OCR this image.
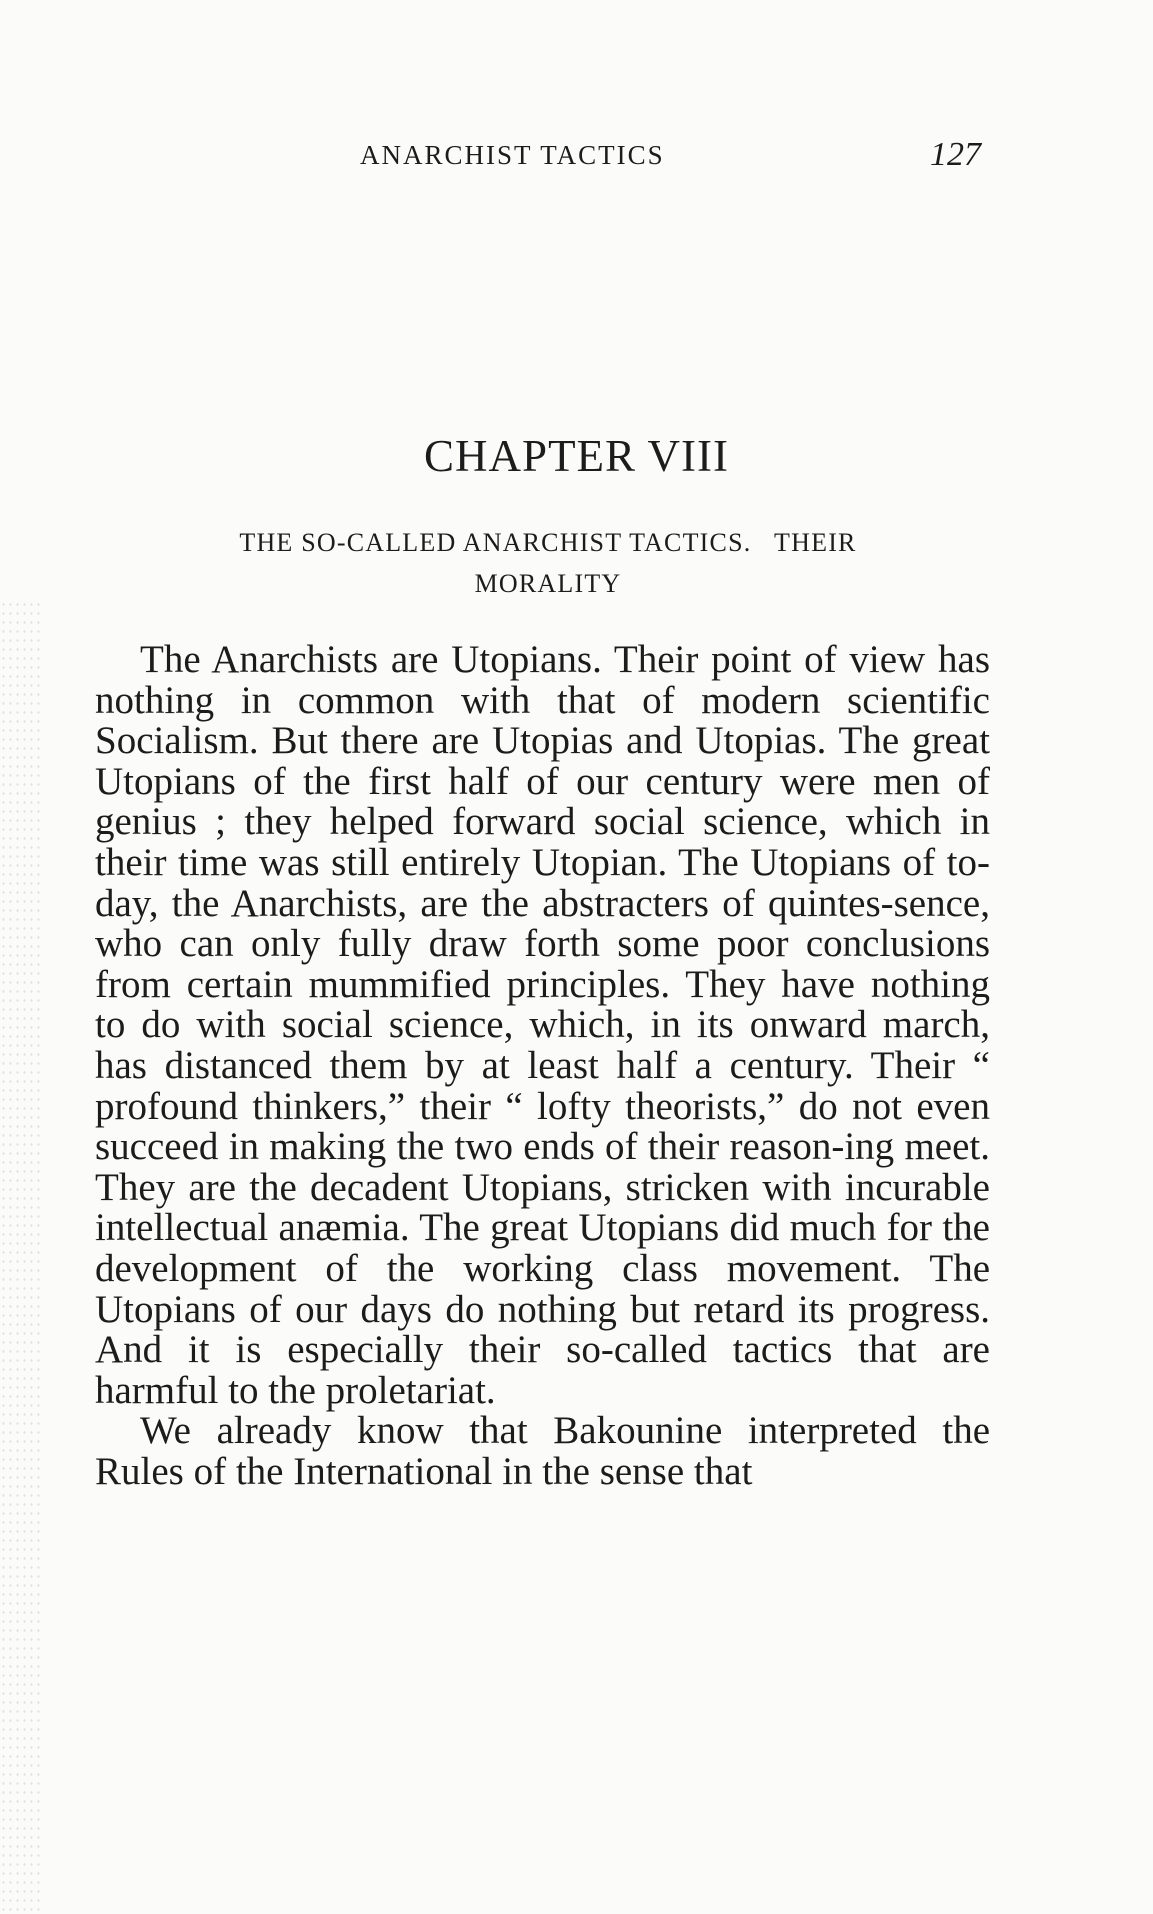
ANARCHIST TACTICS	127
CHAPTER VIII
THE SO-CALLED ANARCHIST TACTICS.   THEIR
MORALITY

The Anarchists are Utopians. Their point of view has nothing in common with that of modern scientific Socialism. But there are Utopias and Utopias. The great Utopians of the first half of our century were men of genius ; they helped forward social science, which in their time was still entirely Utopian. The Utopians of to-day, the Anarchists, are the abstracters of quintes-sence, who can only fully draw forth some poor conclusions from certain mummified principles. They have nothing to do with social science, which, in its onward march, has distanced them by at least half a century. Their “ profound thinkers,” their “ lofty theorists,” do not even succeed in making the two ends of their reason-ing meet. They are the decadent Utopians, stricken with incurable intellectual anæmia. The great Utopians did much for the development of the working class movement. The Utopians of our days do nothing but retard its progress. And it is especially their so-called tactics that are harmful to the proletariat.

We already know that Bakounine interpreted the Rules of the International in the sense that
